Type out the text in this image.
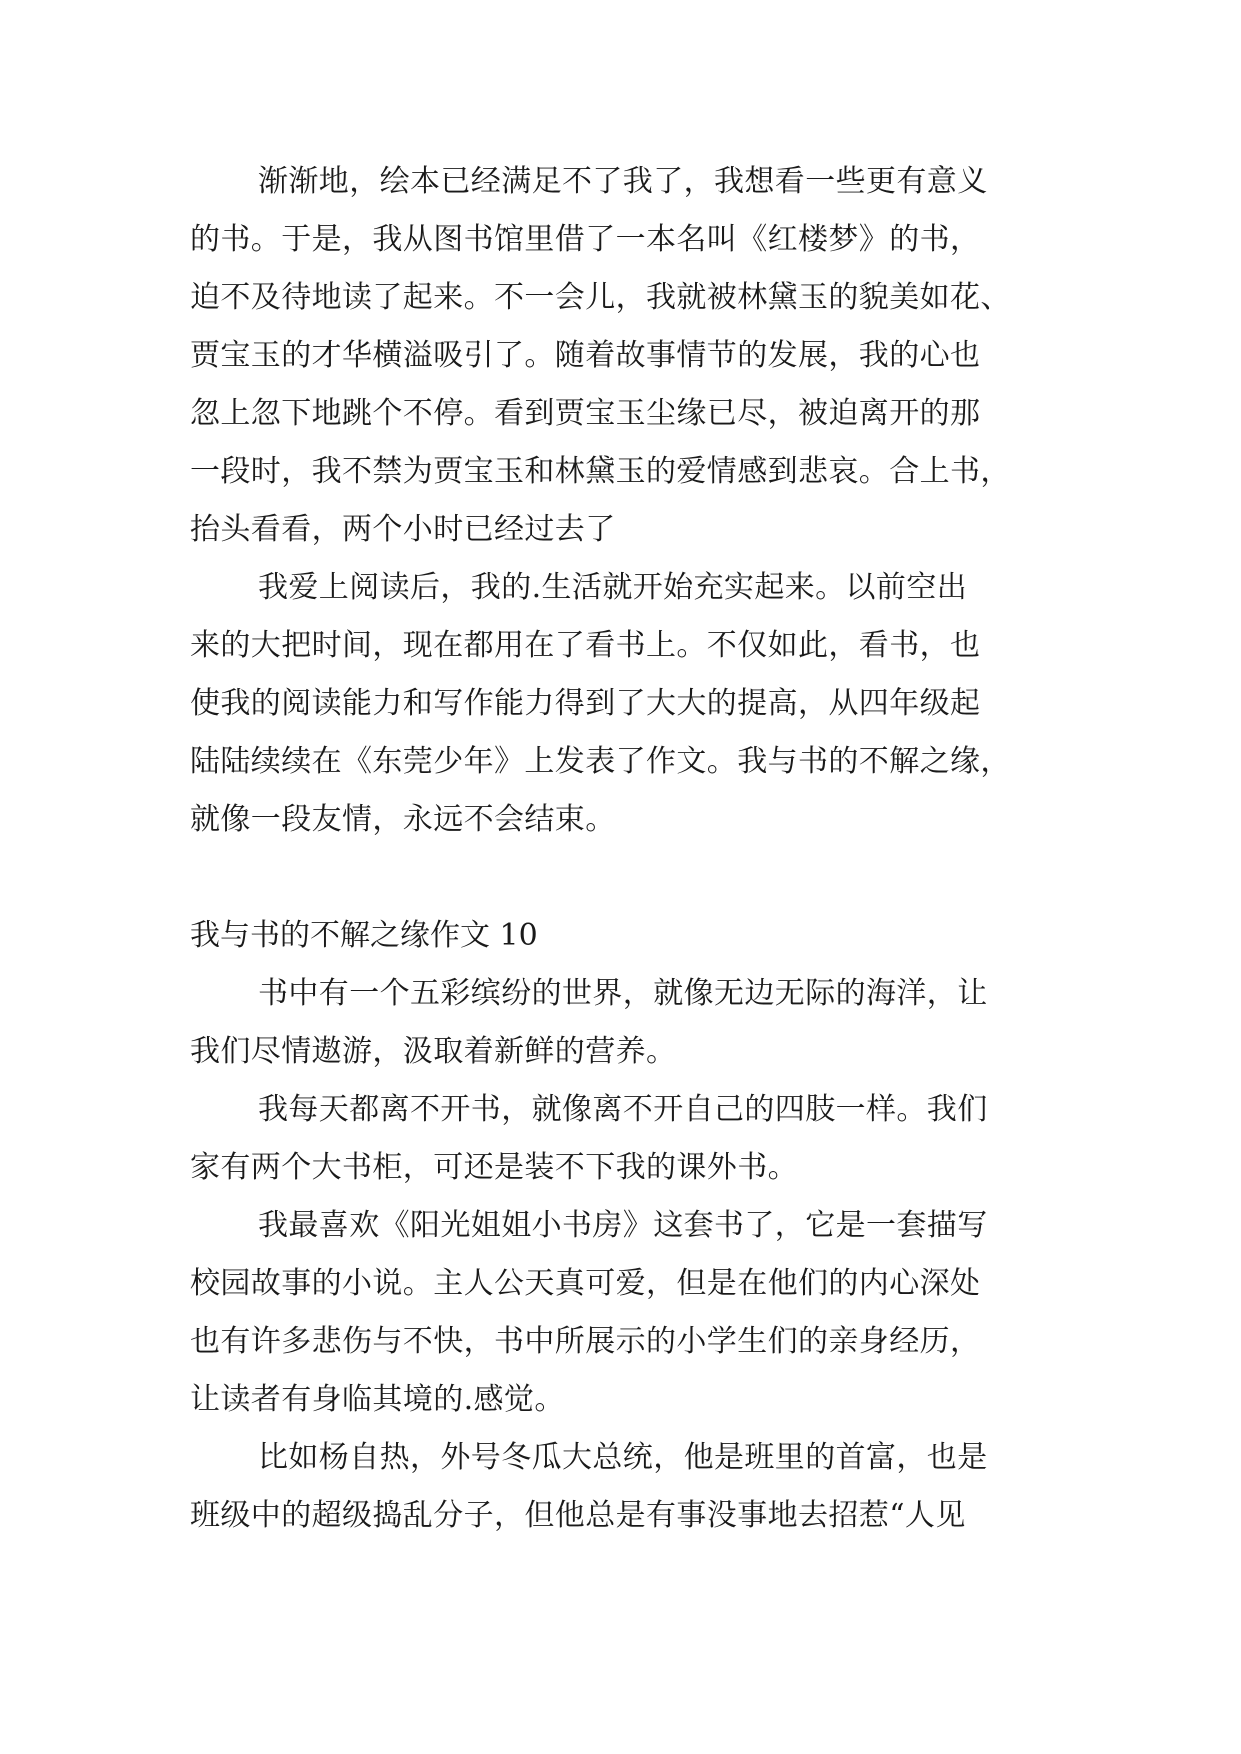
渐渐地，绘本已经满足不了我了，我想看一些更有意义
的书。于是，我从图书馆里借了一本名叫《红楼梦》的书，
迫不及待地读了起来。不一会儿，我就被林黛玉的貌美如花、
贾宝玉的才华横溢吸引了。随着故事情节的发展，我的心也
忽上忽下地跳个不停。看到贾宝玉尘缘已尽，被迫离开的那
一段时，我不禁为贾宝玉和林黛玉的爱情感到悲哀。合上书，
抬头看看，两个小时已经过去了
我爱上阅读后，我的.生活就开始充实起来。以前空出
来的大把时间，现在都用在了看书上。不仅如此，看书，也
使我的阅读能力和写作能力得到了大大的提高，从四年级起
陆陆续续在《东莞少年》上发表了作文。我与书的不解之缘，
就像一段友情，永远不会结束。
我与书的不解之缘作文 10
书中有一个五彩缤纷的世界，就像无边无际的海洋，让
我们尽情遨游，汲取着新鲜的营养。
我每天都离不开书，就像离不开自己的四肢一样。我们
家有两个大书柜，可还是装不下我的课外书。
我最喜欢《阳光姐姐小书房》这套书了，它是一套描写
校园故事的小说。主人公天真可爱，但是在他们的内心深处
也有许多悲伤与不快，书中所展示的小学生们的亲身经历，
让读者有身临其境的.感觉。
比如杨自热，外号冬瓜大总统，他是班里的首富，也是
班级中的超级捣乱分子，但他总是有事没事地去招惹“人见
